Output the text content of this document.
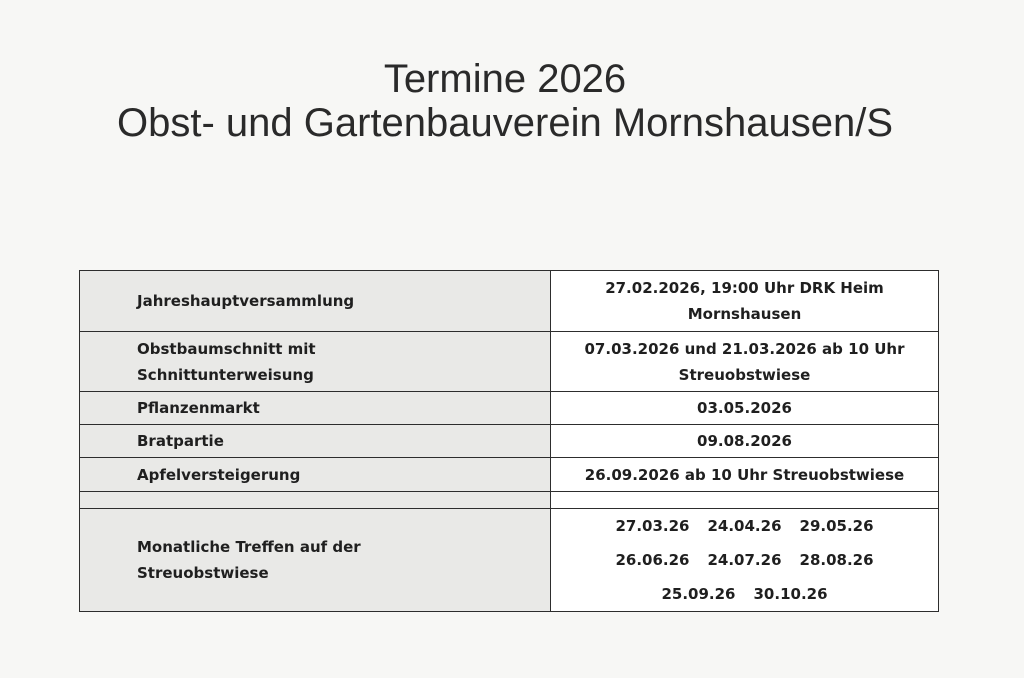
Termine 2026
Obst- und Gartenbauverein Mornshausen/S
Jahreshauptversammlung	27.02.2026, 19:00 Uhr DRK Heim Mornshausen
Obstbaumschnitt mit
Schnittunterweisung	07.03.2026 und 21.03.2026 ab 10 Uhr
Streuobstwiese
Pflanzenmarkt	03.05.2026
Bratpartie	09.08.2026
Apfelversteigerung	26.09.2026 ab 10 Uhr Streuobstwiese

Monatliche Treffen auf der
Streuobstwiese	27.03.26 24.04.26 29.05.26
26.06.26 24.07.26 28.08.26
25.09.26 30.10.26
